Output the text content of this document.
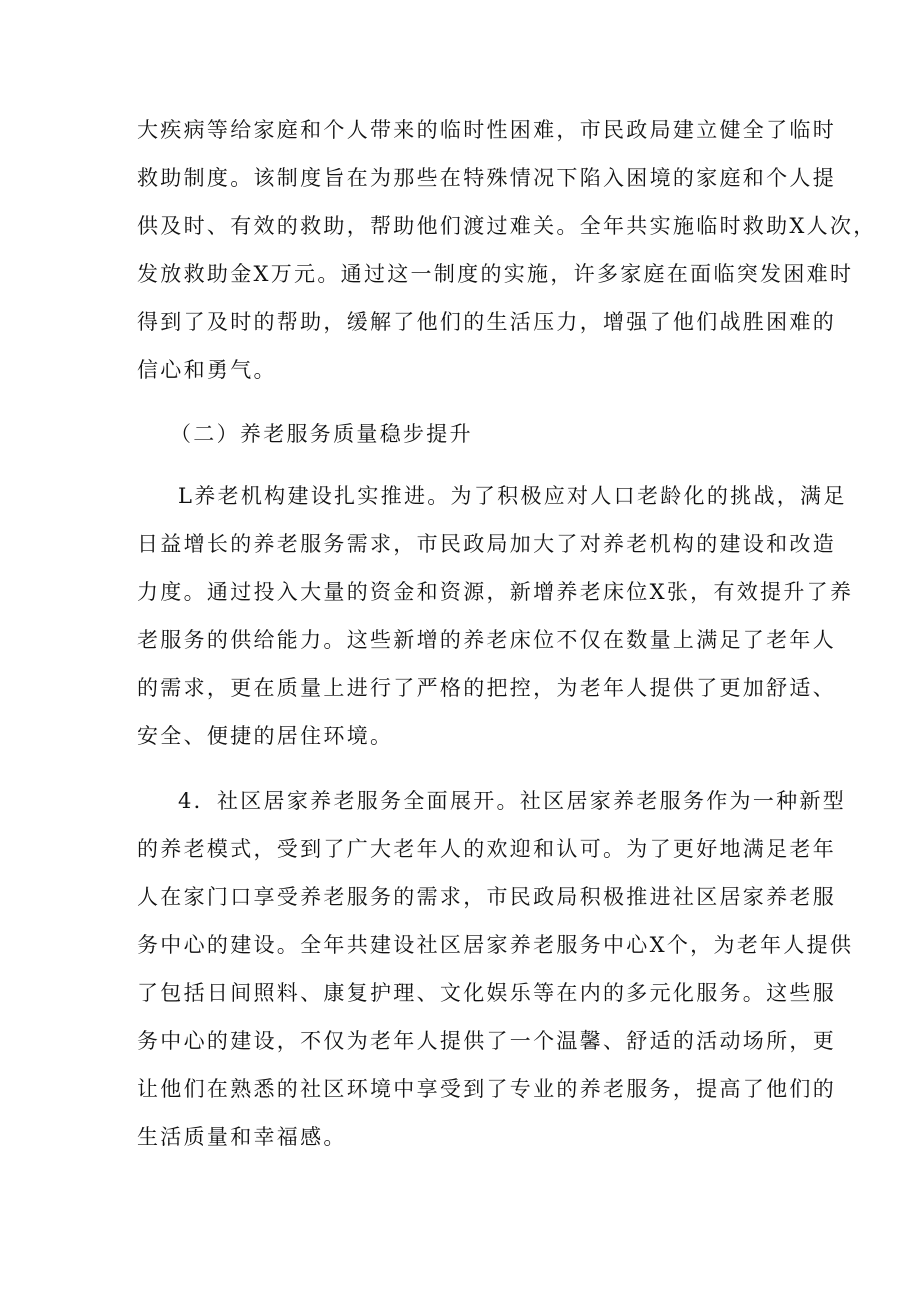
大疾病等给家庭和个人带来的临时性困难，市民政局建立健全了临时
救助制度。该制度旨在为那些在特殊情况下陷入困境的家庭和个人提
供及时、有效的救助，帮助他们渡过难关。全年共实施临时救助X人次，
发放救助金X万元。通过这一制度的实施，许多家庭在面临突发困难时
得到了及时的帮助，缓解了他们的生活压力，增强了他们战胜困难的
信心和勇气。
（二）养老服务质量稳步提升
L养老机构建设扎实推进。为了积极应对人口老龄化的挑战，满足
日益增长的养老服务需求，市民政局加大了对养老机构的建设和改造
力度。通过投入大量的资金和资源，新增养老床位X张，有效提升了养
老服务的供给能力。这些新增的养老床位不仅在数量上满足了老年人
的需求，更在质量上进行了严格的把控，为老年人提供了更加舒适、
安全、便捷的居住环境。
4．社区居家养老服务全面展开。社区居家养老服务作为一种新型
的养老模式，受到了广大老年人的欢迎和认可。为了更好地满足老年
人在家门口享受养老服务的需求，市民政局积极推进社区居家养老服
务中心的建设。全年共建设社区居家养老服务中心X个，为老年人提供
了包括日间照料、康复护理、文化娱乐等在内的多元化服务。这些服
务中心的建设，不仅为老年人提供了一个温馨、舒适的活动场所，更
让他们在熟悉的社区环境中享受到了专业的养老服务，提高了他们的
生活质量和幸福感。
